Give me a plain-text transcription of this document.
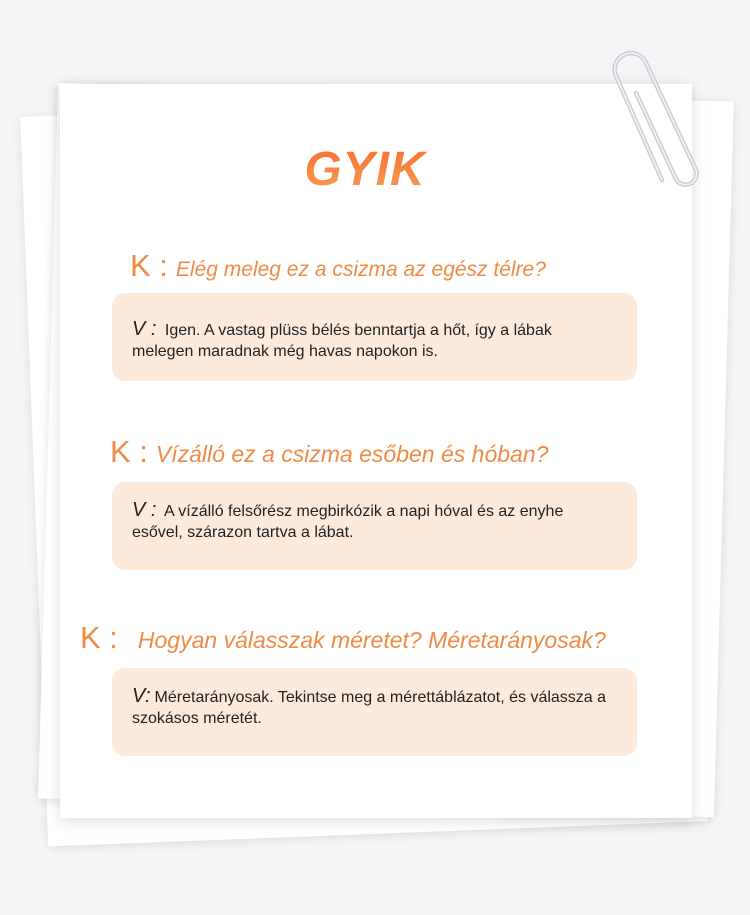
GYIK
K : Elég meleg ez a csizma az egész télre?

V : Igen. A vastag plüss bélés benntartja a hőt, így a lábak melegen maradnak még havas napokon is.

K : Vízálló ez a csizma esőben és hóban?

V : A vízálló felsőrész megbirkózik a napi hóval és az enyhe esővel, szárazon tartva a lábat.

K : Hogyan válasszak méretet? Méretarányosak?

V: Méretarányosak. Tekintse meg a mérettáblázatot, és válassza a szokásos méretét.
